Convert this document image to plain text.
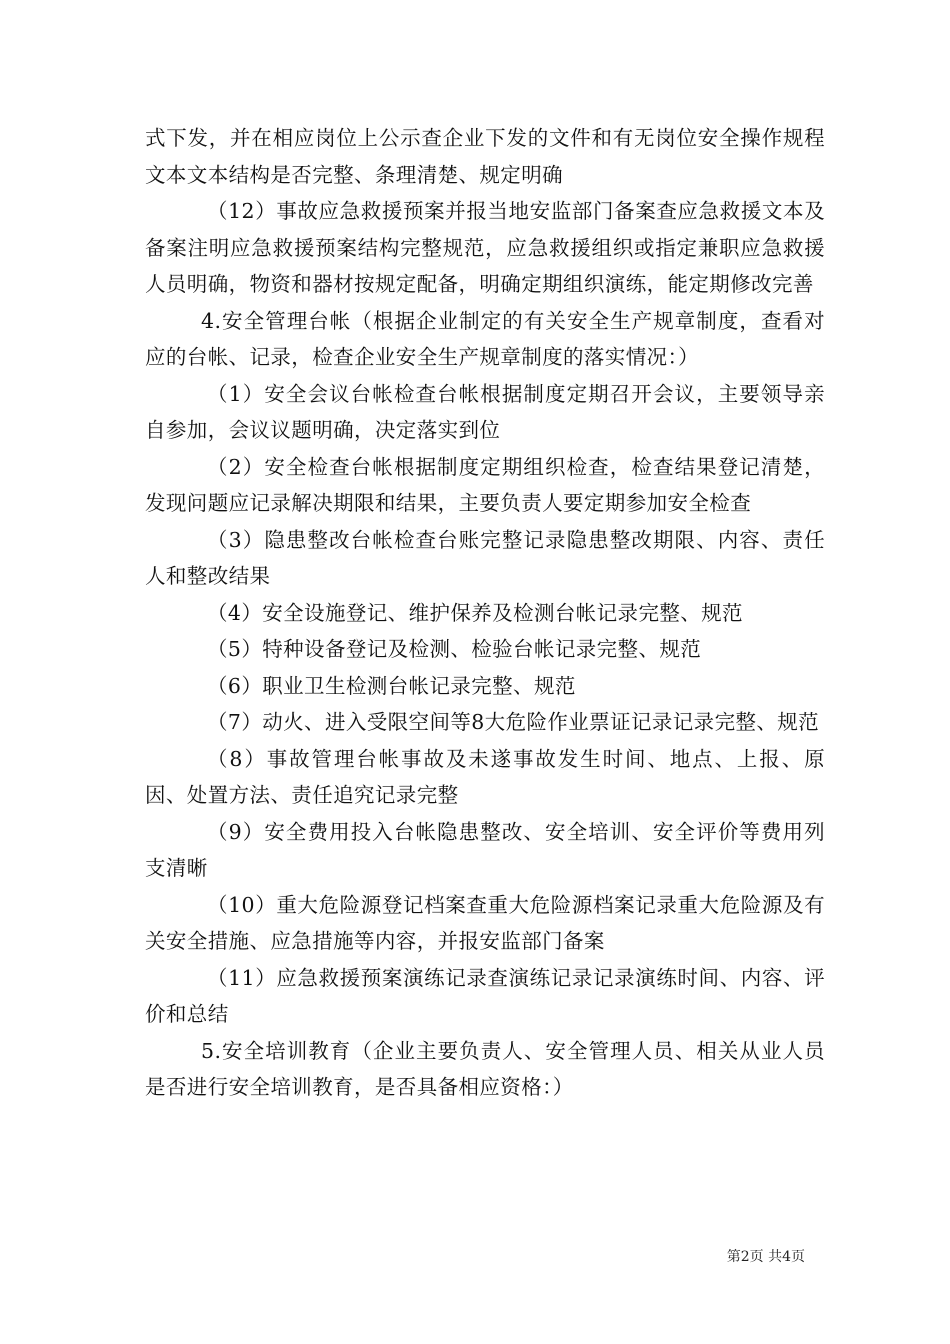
式下发，并在相应岗位上公示查企业下发的文件和有无岗位安全操作规程文本文本结构是否完整、条理清楚、规定明确

（12）事故应急救援预案并报当地安监部门备案查应急救援文本及备案注明应急救援预案结构完整规范，应急救援组织或指定兼职应急救援人员明确，物资和器材按规定配备，明确定期组织演练，能定期修改完善

4.安全管理台帐（根据企业制定的有关安全生产规章制度，查看对应的台帐、记录，检查企业安全生产规章制度的落实情况：）

（1）安全会议台帐检查台帐根据制度定期召开会议，主要领导亲自参加，会议议题明确，决定落实到位

（2）安全检查台帐根据制度定期组织检查，检查结果登记清楚，发现问题应记录解决期限和结果，主要负责人要定期参加安全检查

（3）隐患整改台帐检查台账完整记录隐患整改期限、内容、责任人和整改结果

（4）安全设施登记、维护保养及检测台帐记录完整、规范

（5）特种设备登记及检测、检验台帐记录完整、规范

（6）职业卫生检测台帐记录完整、规范

（7）动火、进入受限空间等8大危险作业票证记录记录完整、规范

（8）事故管理台帐事故及未遂事故发生时间、地点、上报、原因、处置方法、责任追究记录完整

（9）安全费用投入台帐隐患整改、安全培训、安全评价等费用列支清晰

（10）重大危险源登记档案查重大危险源档案记录重大危险源及有关安全措施、应急措施等内容，并报安监部门备案

（11）应急救援预案演练记录查演练记录记录演练时间、内容、评价和总结

5.安全培训教育（企业主要负责人、安全管理人员、相关从业人员是否进行安全培训教育，是否具备相应资格：）

第2页 共4页
